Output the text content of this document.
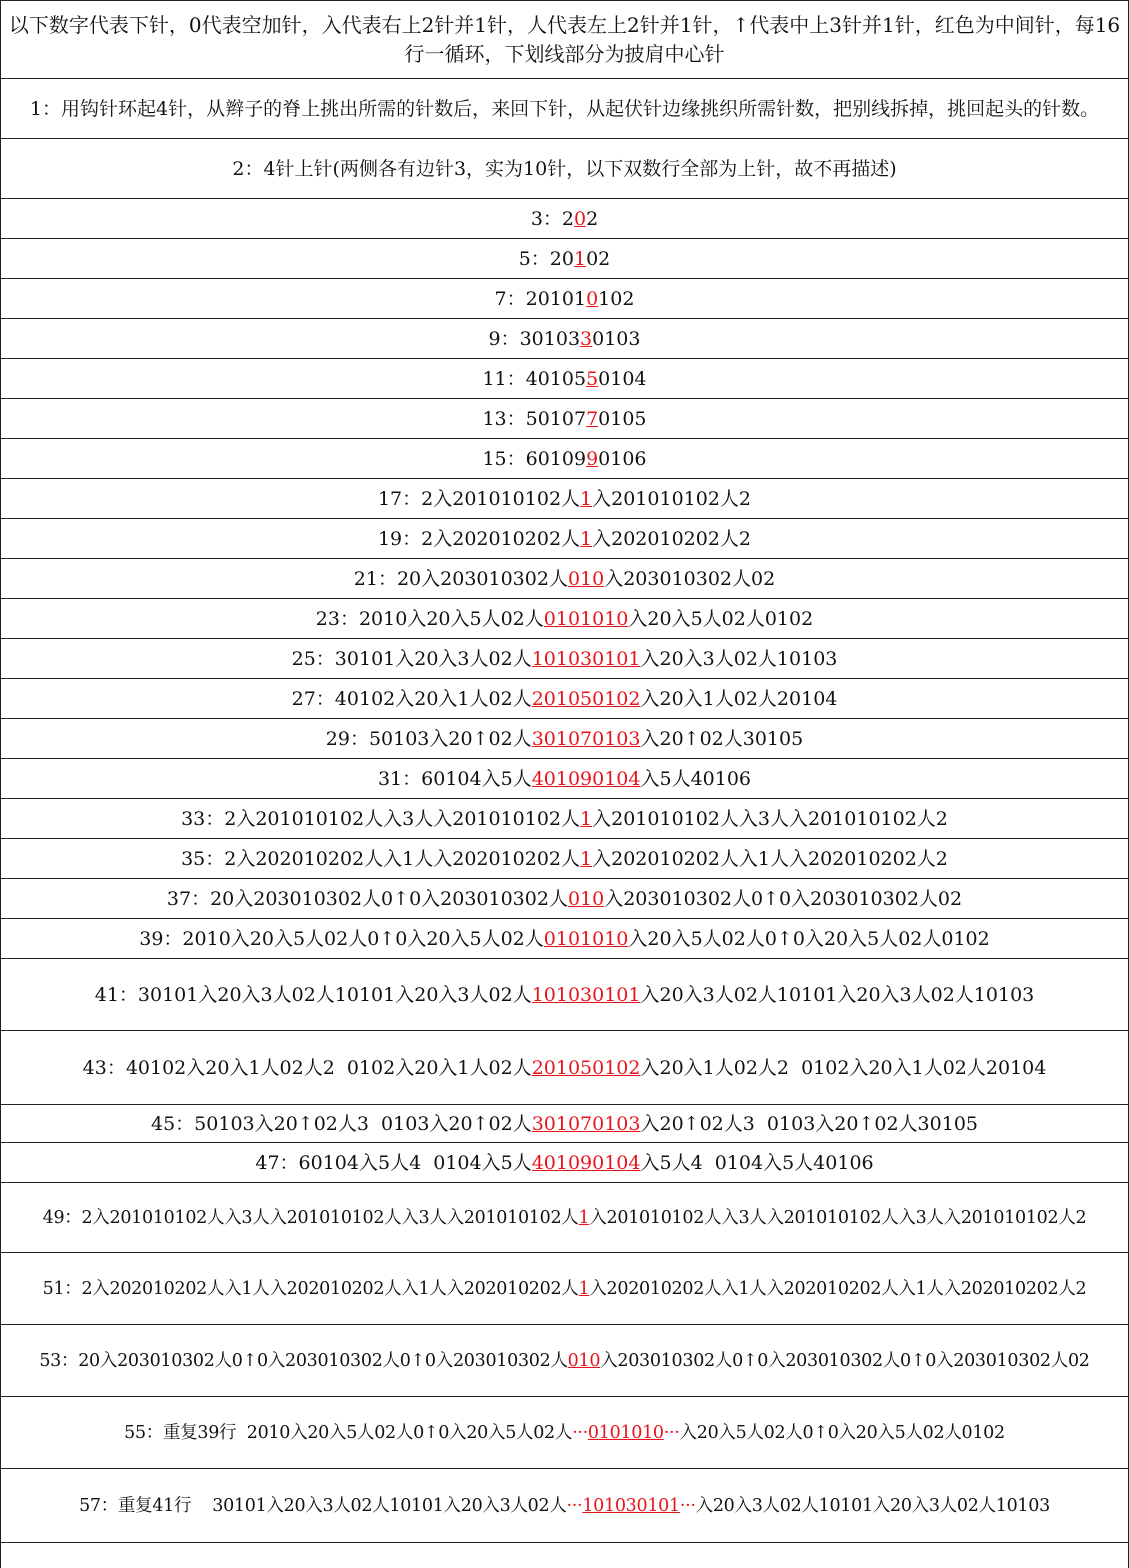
以下数字代表下针，0代表空加针，入代表右上2针并1针，人代表左上2针并1针，↑代表中上3针并1针，红色为中间针，每16行一循环，下划线部分为披肩中心针
1：用钩针环起4针，从辫子的脊上挑出所需的针数后，来回下针，从起伏针边缘挑织所需针数，把别线拆掉，挑回起头的针数。
2：4针上针(两侧各有边针3，实为10针，以下双数行全部为上针，故不再描述)
3：202
5：20102
7：201010102
9：3010330103
11：4010550104
13：5010770105
15：6010990106
17：2入201010102人1入201010102人2
19：2入202010202人1入202010202人2
21：20入203010302人010入203010302人02
23：2010入20入5人02人0101010入20入5人02人0102
25：30101入20入3人02人101030101入20入3人02人10103
27：40102入20入1人02人201050102入20入1人02人20104
29：50103入20↑02人301070103入20↑02人30105
31：60104入5人401090104入5人40106
33：2入201010102人入3人入201010102人1入201010102人入3人入201010102人2
35：2入202010202人入1人入202010202人1入202010202人入1人入202010202人2
37：20入203010302人0↑0入203010302人010入203010302人0↑0入203010302人02
39：2010入20入5人02人0↑0入20入5人02人0101010入20入5人02人0↑0入20入5人02人0102
41：30101入20入3人02人10101入20入3人02人101030101入20入3人02人10101入20入3人02人10103
43：40102入20入1人02人2  0102入20入1人02人201050102入20入1人02人2  0102入20入1人02人20104
45：50103入20↑02人3  0103入20↑02人301070103入20↑02人3  0103入20↑02人30105
47：60104入5人4  0104入5人401090104入5人4  0104入5人40106
49：2入201010102人入3人入201010102人入3人入201010102人1入201010102人入3人入201010102人入3人入201010102人2
51：2入202010202人入1人入202010202人入1人入202010202人1入202010202人入1人入202010202人入1人入202010202人2
53：20入203010302人0↑0入203010302人0↑0入203010302人010入203010302人0↑0入203010302人0↑0入203010302人02
55：重复39行  2010入20入5人02人0↑0入20入5人02人···0101010···入20入5人02人0↑0入20入5人02人0102
57：重复41行    30101入20入3人02人10101入20入3人02人···101030101···入20入3人02人10101入20入3人02人10103
